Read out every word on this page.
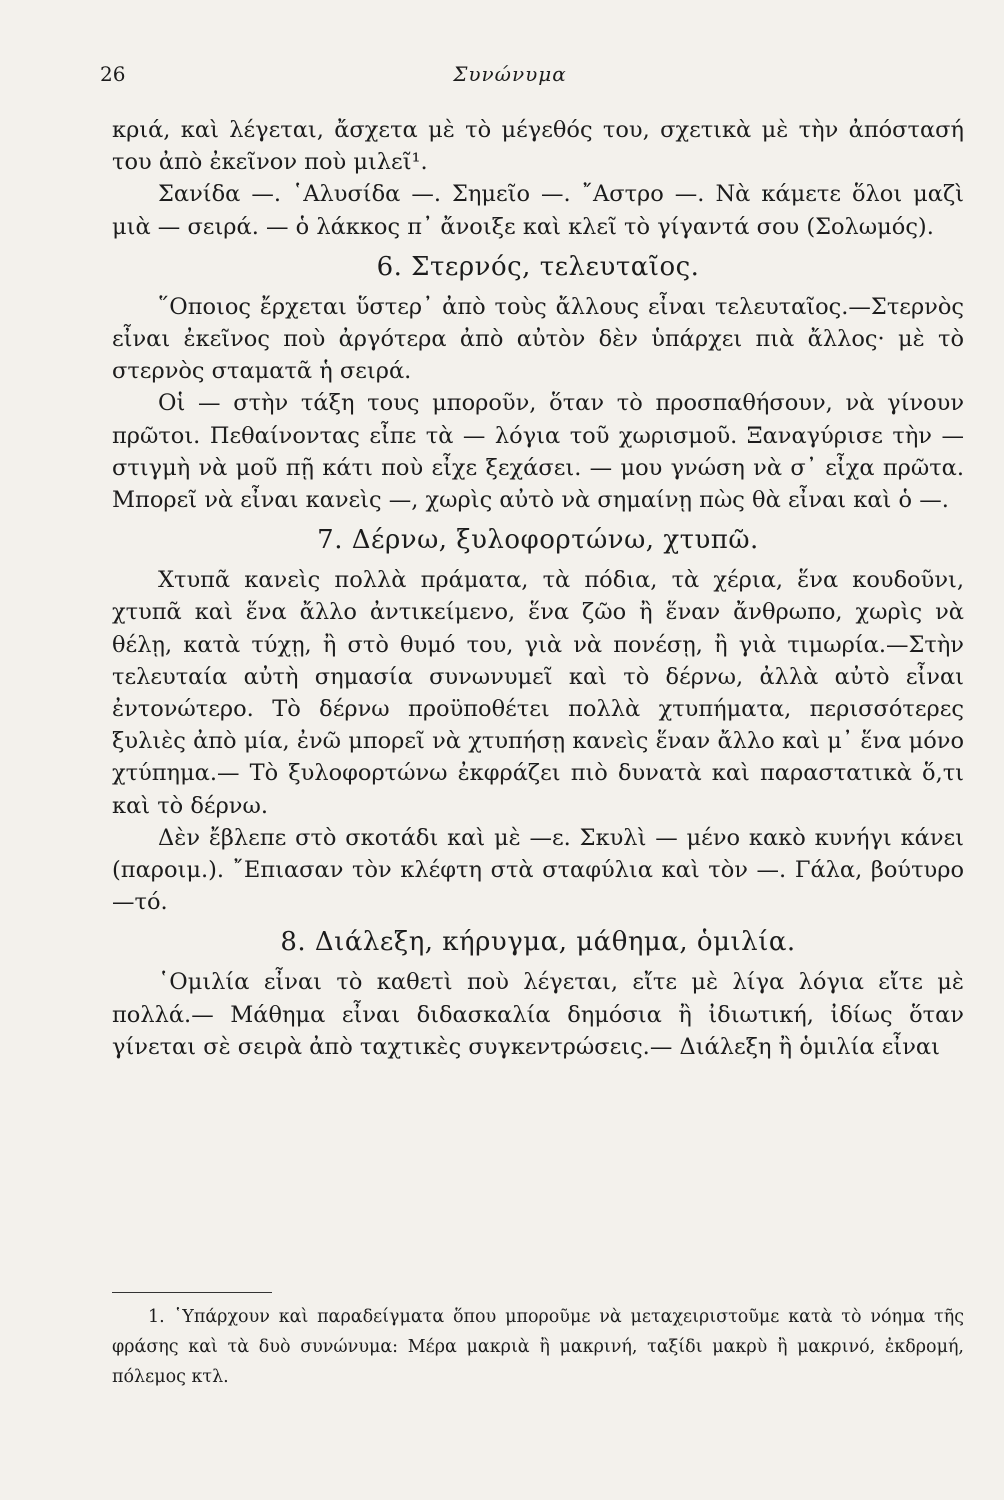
26	Συνώνυμα

κριά, καὶ λέγεται, ἄσχετα μὲ τὸ μέγεθός του, σχετικὰ μὲ τὴν ἀπόστασή του ἀπὸ ἐκεῖνον ποὺ μιλεῖ¹.

Σανίδα —. ῾Αλυσίδα —. Σημεῖο —. ῎Αστρο —. Νὰ κάμετε ὅλοι μαζὶ μιὰ — σειρά. — ὁ λάκκος π᾿ ἄνοιξε καὶ κλεῖ τὸ γίγαντά σου (Σολωμός).

6. Στερνός, τελευταῖος.

῞Οποιος ἔρχεται ὕστερ᾿ ἀπὸ τοὺς ἄλλους εἶναι τελευταῖος.—Στερνὸς εἶναι ἐκεῖνος ποὺ ἀργότερα ἀπὸ αὐτὸν δὲν ὑπάρχει πιὰ ἄλλος· μὲ τὸ στερνὸς σταματᾶ ἡ σειρά.

Οἱ — στὴν τάξη τους μποροῦν, ὅταν τὸ προσπαθήσουν, νὰ γίνουν πρῶτοι. Πεθαίνοντας εἶπε τὰ — λόγια τοῦ χωρισμοῦ. Ξαναγύρισε τὴν — στιγμὴ νὰ μοῦ πῇ κάτι ποὺ εἶχε ξεχάσει. — μου γνώση νὰ σ᾿ εἶχα πρῶτα. Μπορεῖ νὰ εἶναι κανεὶς —, χωρὶς αὐτὸ νὰ σημαίνῃ πὼς θὰ εἶναι καὶ ὁ —.

7. Δέρνω, ξυλοφορτώνω, χτυπῶ.

Χτυπᾶ κανεὶς πολλὰ πράματα, τὰ πόδια, τὰ χέρια, ἕνα κουδοῦνι, χτυπᾶ καὶ ἕνα ἄλλο ἀντικείμενο, ἕνα ζῶο ἢ ἕναν ἄνθρωπο, χωρὶς νὰ θέλῃ, κατὰ τύχῃ, ἢ στὸ θυμό του, γιὰ νὰ πονέσῃ, ἢ γιὰ τιμωρία.—Στὴν τελευταία αὐτὴ σημασία συνωνυμεῖ καὶ τὸ δέρνω, ἀλλὰ αὐτὸ εἶναι ἐντονώτερο. Τὸ δέρνω προϋποθέτει πολλὰ χτυπήματα, περισσότερες ξυλιὲς ἀπὸ μία, ἐνῶ μπορεῖ νὰ χτυπήσῃ κανεὶς ἕναν ἄλλο καὶ μ᾿ ἕνα μόνο χτύπημα.— Τὸ ξυλοφορτώνω ἐκφράζει πιὸ δυνατὰ καὶ παραστατικὰ ὅ,τι καὶ τὸ δέρνω.

Δὲν ἔβλεπε στὸ σκοτάδι καὶ μὲ —ε. Σκυλὶ — μένο κακὸ κυνήγι κάνει (παροιμ.). ῎Επιασαν τὸν κλέφτη στὰ σταφύλια καὶ τὸν —. Γάλα, βούτυρο —τό.

8. Διάλεξη, κήρυγμα, μάθημα, ὁμιλία.

῾Ομιλία εἶναι τὸ καθετὶ ποὺ λέγεται, εἴτε μὲ λίγα λόγια εἴτε μὲ πολλά.— Μάθημα εἶναι διδασκαλία δημόσια ἢ ἰδιωτική, ἰδίως ὅταν γίνεται σὲ σειρὰ ἀπὸ ταχτικὲς συγκεντρώσεις.— Διάλεξη ἢ ὁμιλία εἶναι

1. ῾Υπάρχουν καὶ παραδείγματα ὅπου μποροῦμε νὰ μεταχειριστοῦμε κατὰ τὸ νόημα τῆς φράσης καὶ τὰ δυὸ συνώνυμα: Μέρα μακριὰ ἢ μακρινή, ταξίδι μακρὺ ἢ μακρινό, ἐκδρομή, πόλεμος κτλ.
